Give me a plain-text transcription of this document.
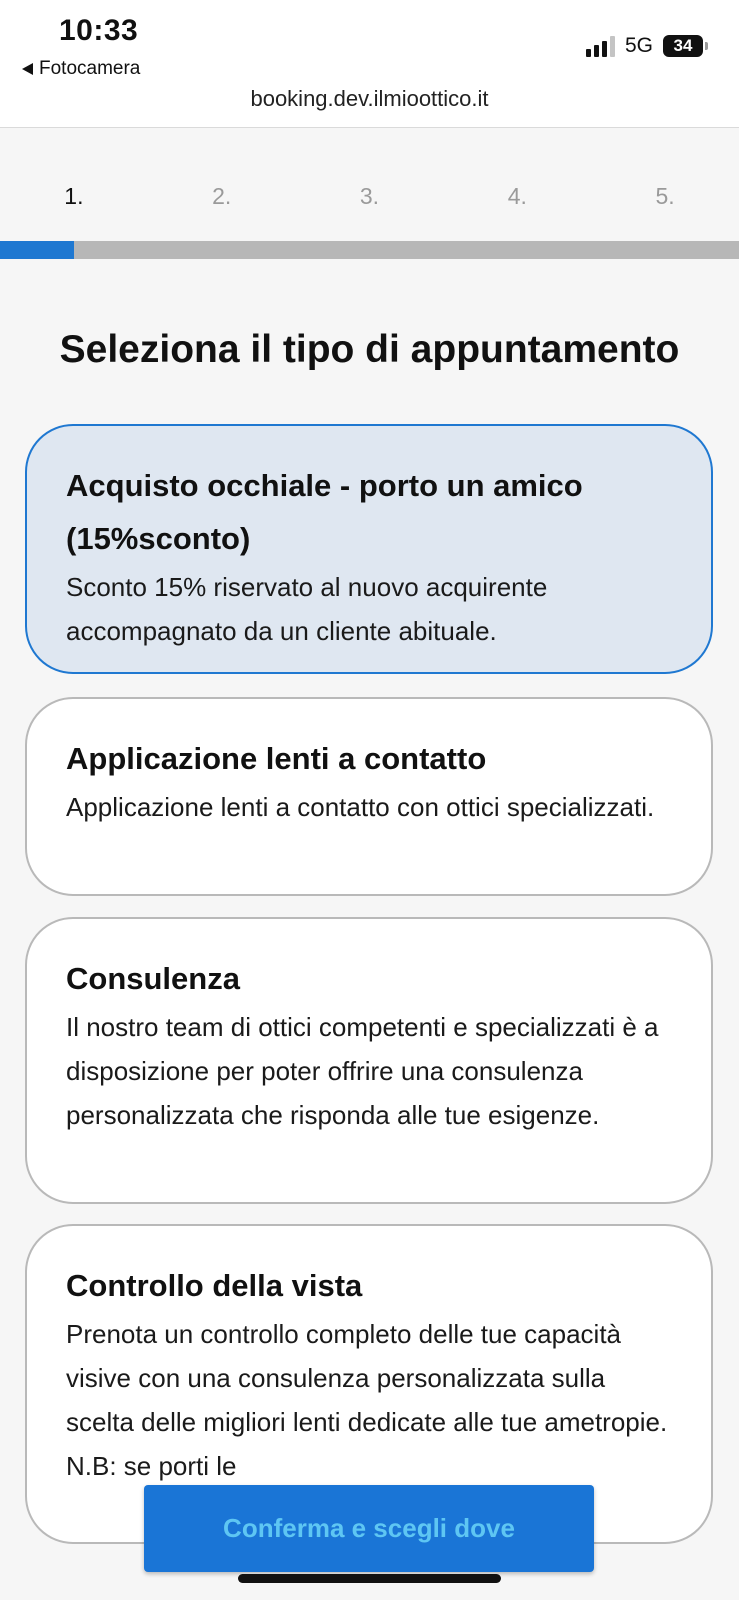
10:33
Fotocamera
5G 34
booking.dev.ilmioottico.it
1.	2.	3.	4.	5.
Seleziona il tipo di appuntamento

Acquisto occhiale - porto un amico (15%sconto)

Sconto 15% riservato al nuovo acquirente accompagnato da un cliente abituale.

Applicazione lenti a contatto

Applicazione lenti a contatto con ottici specializzati.

Consulenza

Il nostro team di ottici competenti e specializzati è a disposizione per poter offrire una consulenza personalizzata che risponda alle tue esigenze.

Controllo della vista

Prenota un controllo completo delle tue capacità visive con una consulenza personalizzata sulla scelta delle migliori lenti dedicate alle tue ametropie. N.B: se porti le

Conferma e scegli dove
